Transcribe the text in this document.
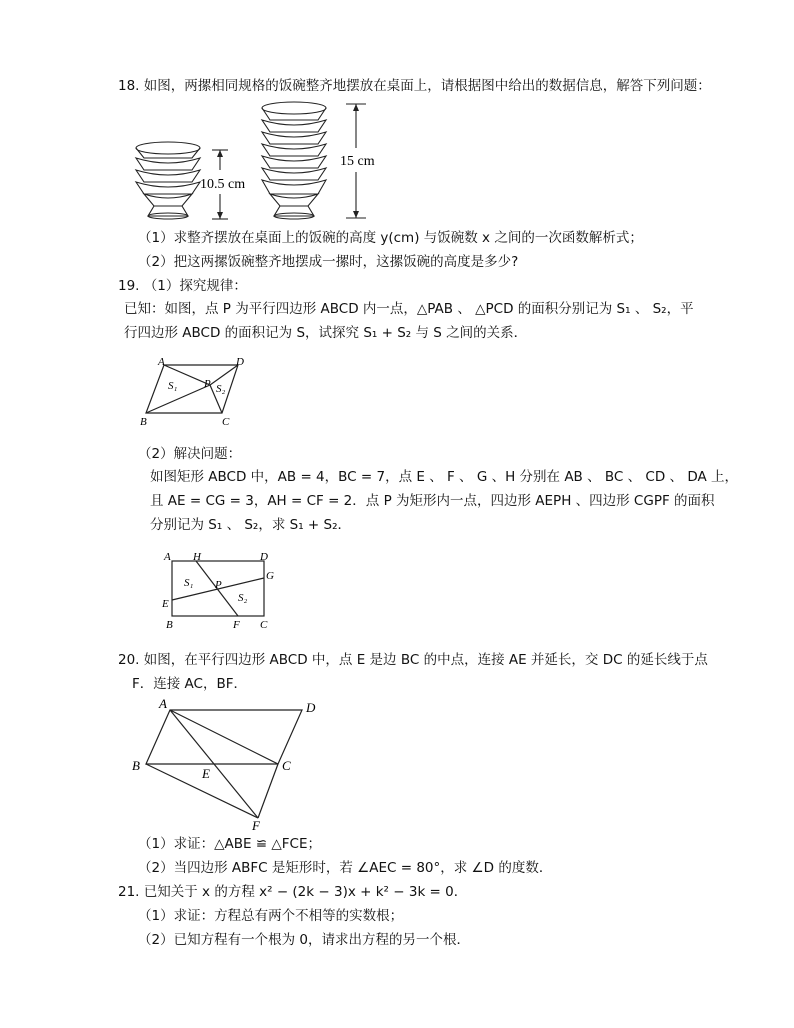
18. 如图，两摞相同规格的饭碗整齐地摆放在桌面上，请根据图中给出的数据信息，解答下列问题：
10.5 cm
15 cm
（1）求整齐摆放在桌面上的饭碗的高度 y(cm) 与饭碗数 x 之间的一次函数解析式；
（2）把这两摞饭碗整齐地摆成一摞时，这摞饭碗的高度是多少?
19. （1）探究规律：
已知：如图，点 P 为平行四边形 ABCD 内一点，△PAB 、 △PCD 的面积分别记为 S₁ 、 S₂，平
行四边形 ABCD 的面积记为 S，试探究 S₁ + S₂ 与 S 之间的关系．
A	D
B	C
P
S₁	S₂
（2）解决问题：
如图矩形 ABCD 中，AB = 4，BC = 7，点 E 、 F 、 G 、H 分别在 AB 、 BC 、 CD 、 DA 上，
且 AE = CG = 3，AH = CF = 2．点 P 为矩形内一点，四边形 AEPH 、四边形 CGPF 的面积
分别记为 S₁ 、 S₂，求 S₁ + S₂．
A H	D
G
S₁ P
S₂
E
B	F C
20. 如图，在平行四边形 ABCD 中，点 E 是边 BC 的中点，连接 AE 并延长，交 DC 的延长线于点
F．连接 AC，BF．
A	D
B
E
C
F
（1）求证：△ABE ≌ △FCE；
（2）当四边形 ABFC 是矩形时，若 ∠AEC = 80°，求 ∠D 的度数．
21. 已知关于 x 的方程 x² − (2k − 3)x + k² − 3k = 0．
（1）求证：方程总有两个不相等的实数根；
（2）已知方程有一个根为 0，请求出方程的另一个根．
